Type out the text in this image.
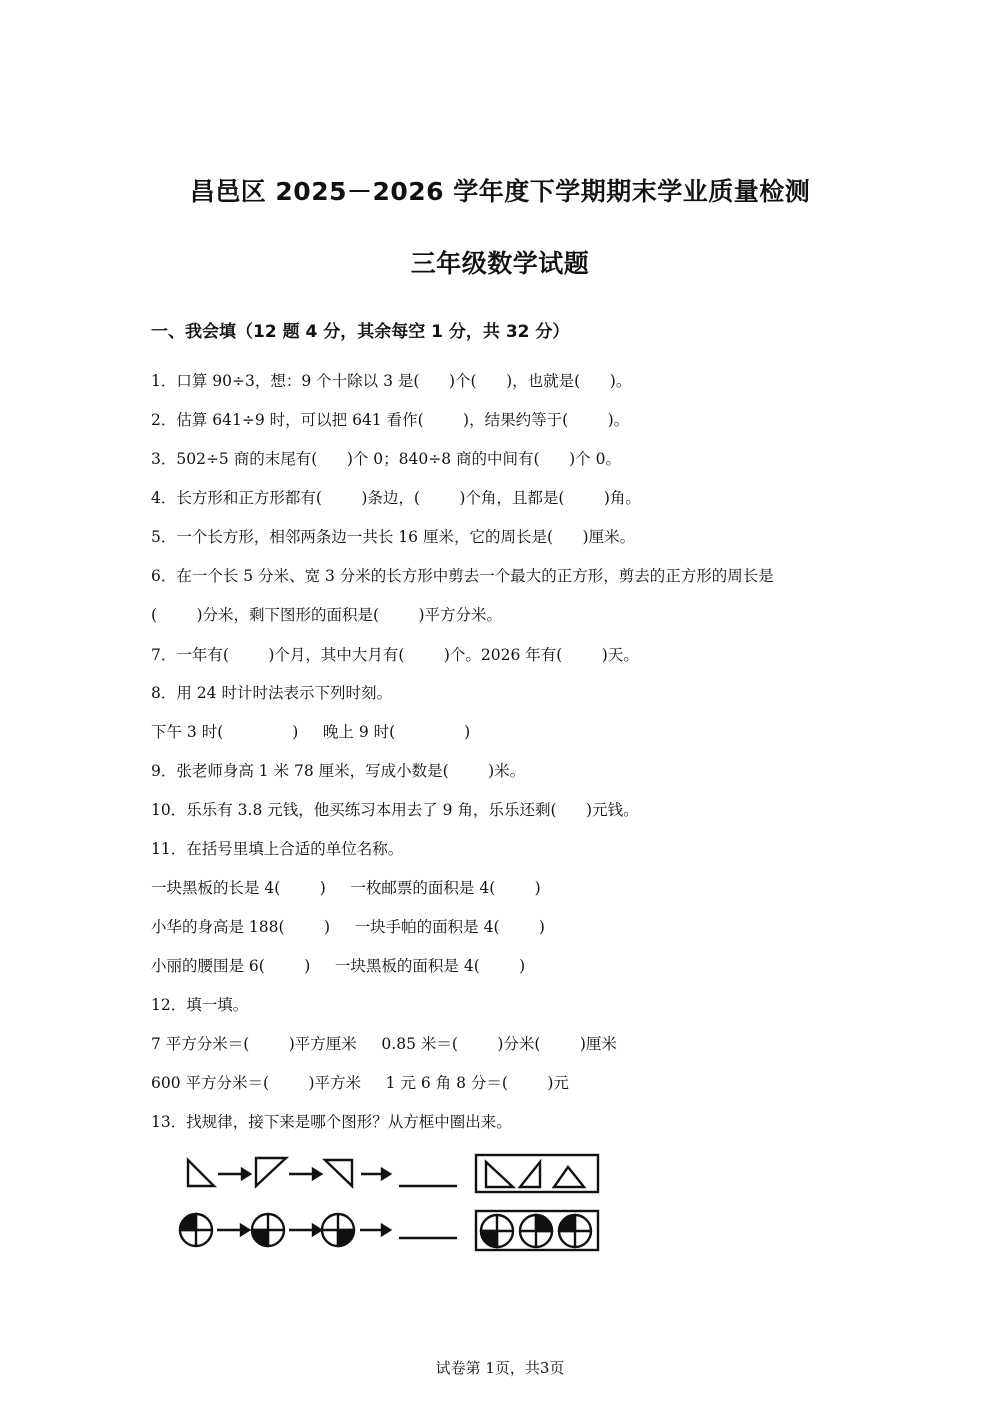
昌邑区 2025－2026 学年度下学期期末学业质量检测
三年级数学试题
一、我会填（12 题 4 分，其余每空 1 分，共 32 分）
1．口算 90÷3，想：9 个十除以 3 是(      )个(      )，也就是(      )。
2．估算 641÷9 时，可以把 641 看作(        )，结果约等于(        )。
3．502÷5 商的末尾有(      )个 0；840÷8 商的中间有(      )个 0。
4．长方形和正方形都有(        )条边，(        )个角，且都是(        )角。
5．一个长方形，相邻两条边一共长 16 厘米，它的周长是(      )厘米。
6．在一个长 5 分米、宽 3 分米的长方形中剪去一个最大的正方形，剪去的正方形的周长是
(        )分米，剩下图形的面积是(        )平方分米。
7．一年有(        )个月，其中大月有(        )个。2026 年有(        )天。
8．用 24 时计时法表示下列时刻。
下午 3 时(              )     晚上 9 时(              )
9．张老师身高 1 米 78 厘米，写成小数是(        )米。
10．乐乐有 3.8 元钱，他买练习本用去了 9 角，乐乐还剩(      )元钱。
11．在括号里填上合适的单位名称。
一块黑板的长是 4(        )     一枚邮票的面积是 4(        )
小华的身高是 188(        )     一块手帕的面积是 4(        )
小丽的腰围是 6(        )     一块黑板的面积是 4(        )
12．填一填。
7 平方分米＝(        )平方厘米     0.85 米＝(        )分米(        )厘米
600 平方分米＝(        )平方米     1 元 6 角 8 分＝(        )元
13．找规律，接下来是哪个图形？从方框中圈出来。
试卷第 1页，共3页
